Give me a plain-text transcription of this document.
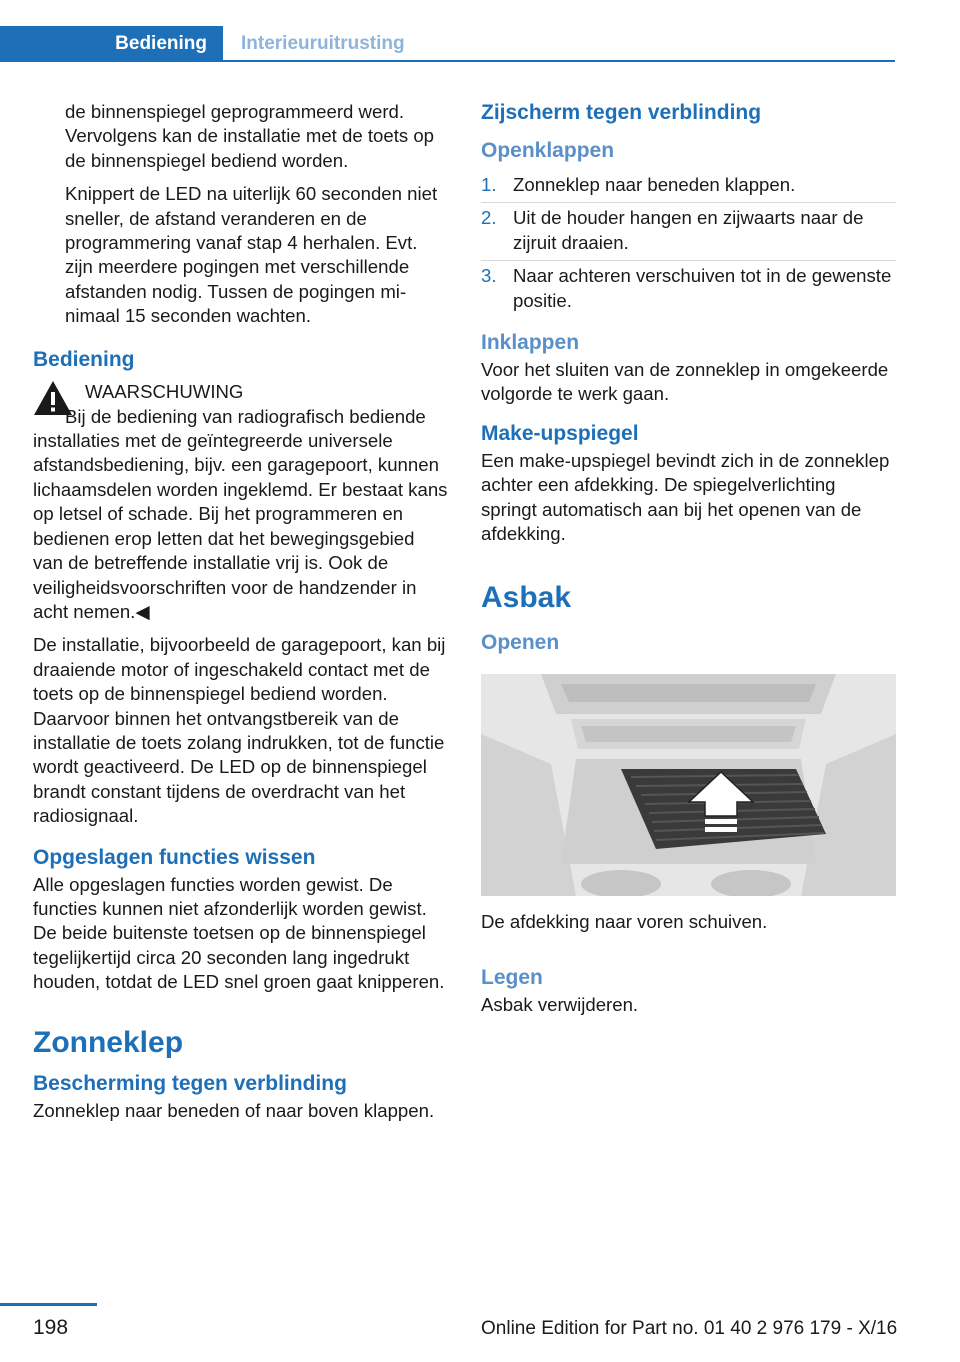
Bediening	Interieuruitrusting

de binnenspiegel geprogrammeerd werd. Vervolgens kan de installatie met de toets op de binnenspiegel bediend worden.

Knippert de LED na uiterlijk 60 seconden niet sneller, de afstand veranderen en de programmering vanaf stap 4 herhalen. Evt. zijn meerdere pogingen met verschillende afstanden nodig. Tussen de pogingen minimaal 15 seconden wachten.

Bediening
WAARSCHUWING

Bij de bediening van radiografisch bediende installaties met de geïntegreerde universele afstandsbediening, bijv. een garagepoort, kunnen lichaamsdelen worden ingeklemd. Er bestaat kans op letsel of schade. Bij het programmeren en bedienen erop letten dat het bewegingsgebied van de betreffende installatie vrij is. Ook de veiligheidsvoorschriften voor de handzender in acht nemen.◀

De installatie, bijvoorbeeld de garagepoort, kan bij draaiende motor of ingeschakeld contact met de toets op de binnenspiegel bediend worden. Daarvoor binnen het ontvangstbereik van de installatie de toets zolang indrukken, tot de functie wordt geactiveerd. De LED op de binnenspiegel brandt constant tijdens de overdracht van het radiosignaal.

Opgeslagen functies wissen

Alle opgeslagen functies worden gewist. De functies kunnen niet afzonderlijk worden gewist. De beide buitenste toetsen op de binnenspiegel tegelijkertijd circa 20 seconden lang ingedrukt houden, totdat de LED snel groen gaat knipperen.

Zonneklep
Bescherming tegen verblinding

Zonneklep naar beneden of naar boven klappen.

Zijscherm tegen verblinding
Openklappen
1. Zonneklep naar beneden klappen.
2. Uit de houder hangen en zijwaarts naar de zijruit draaien.
3. Naar achteren verschuiven tot in de gewenste positie.
Inklappen

Voor het sluiten van de zonneklep in omgekeerde volgorde te werk gaan.

Make-upspiegel

Een make-upspiegel bevindt zich in de zonneklep achter een afdekking. De spiegelverlichting springt automatisch aan bij het openen van de afdekking.

Asbak
Openen

De afdekking naar voren schuiven.

Legen

Asbak verwijderen.

198	Online Edition for Part no. 01 40 2 976 179 - X/16
